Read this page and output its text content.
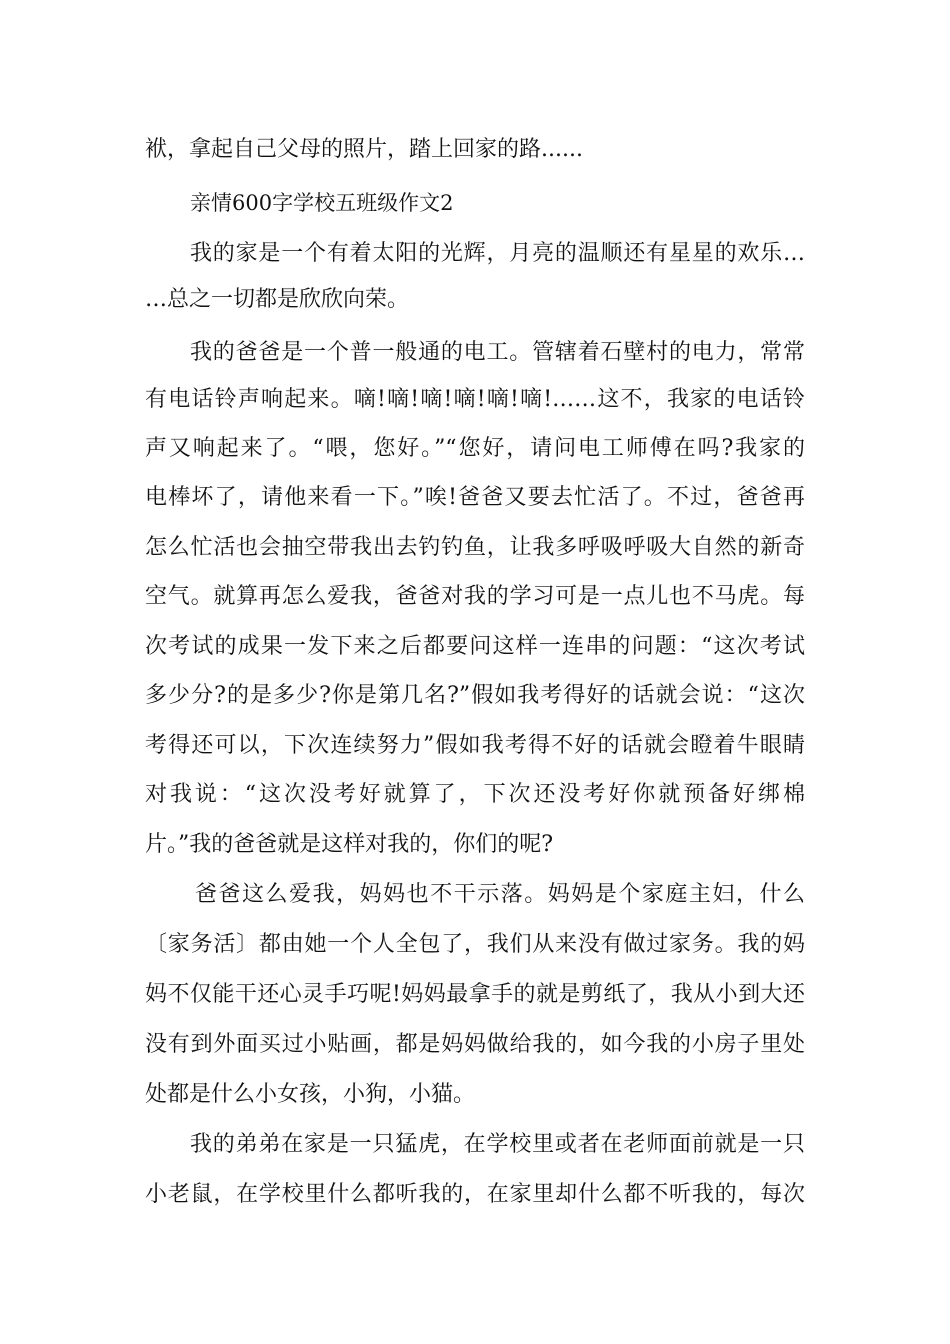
袱，拿起自己父母的照片，踏上回家的路......

亲情600字学校五班级作文2

我的家是一个有着太阳的光辉，月亮的温顺还有星星的欢乐…

…总之一切都是欣欣向荣。

我的爸爸是一个普一般通的电工。管辖着石壁村的电力，常常

有电话铃声响起来。嘀!嘀!嘀!嘀!嘀!嘀!……这不，我家的电话铃

声又响起来了。“喂，您好。”“您好，请问电工师傅在吗?我家的

电棒坏了，请他来看一下。”唉!爸爸又要去忙活了。不过，爸爸再

怎么忙活也会抽空带我出去钓钓鱼，让我多呼吸呼吸大自然的新奇

空气。就算再怎么爱我，爸爸对我的学习可是一点儿也不马虎。每

次考试的成果一发下来之后都要问这样一连串的问题：“这次考试

多少分?的是多少?你是第几名?”假如我考得好的话就会说：“这次

考得还可以，下次连续努力”假如我考得不好的话就会瞪着牛眼睛

对我说：“这次没考好就算了，下次还没考好你就预备好绑棉

片。”我的爸爸就是这样对我的，你们的呢?

爸爸这么爱我，妈妈也不干示落。妈妈是个家庭主妇，什么

〔家务活〕都由她一个人全包了，我们从来没有做过家务。我的妈

妈不仅能干还心灵手巧呢!妈妈最拿手的就是剪纸了，我从小到大还

没有到外面买过小贴画，都是妈妈做给我的，如今我的小房子里处

处都是什么小女孩，小狗，小猫。

我的弟弟在家是一只猛虎，在学校里或者在老师面前就是一只

小老鼠，在学校里什么都听我的，在家里却什么都不听我的，每次
